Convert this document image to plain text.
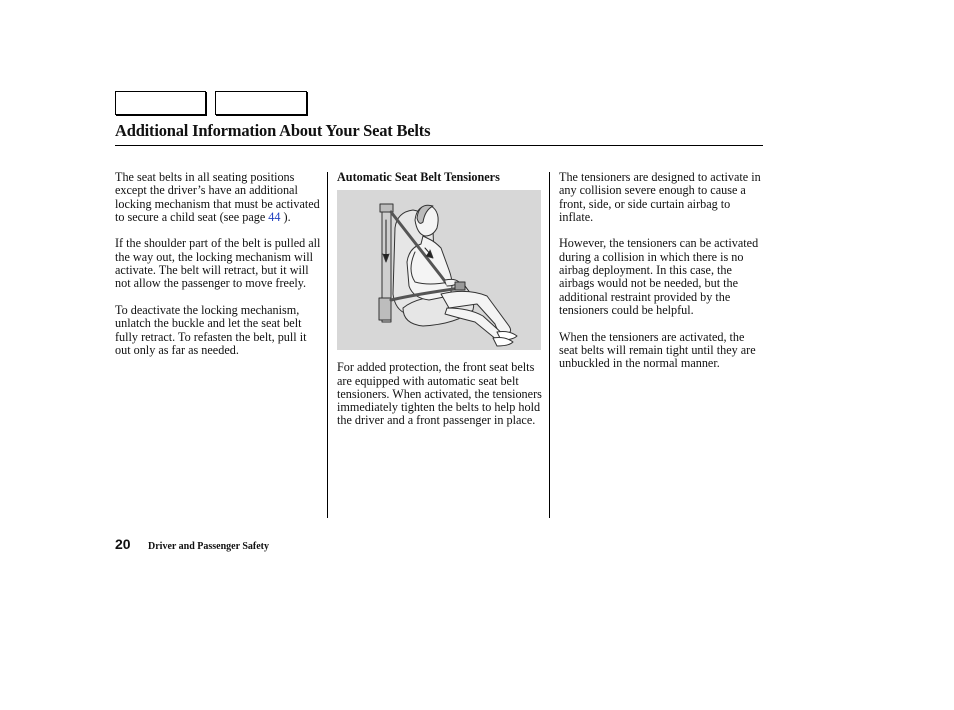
Additional Information About Your Seat Belts

The seat belts in all seating positions except the driver’s have an additional locking mechanism that must be activated to secure a child seat (see page 44 ).

If the shoulder part of the belt is pulled all the way out, the locking mechanism will activate. The belt will retract, but it will not allow the passenger to move freely.

To deactivate the locking mechanism, unlatch the buckle and let the seat belt fully retract. To refasten the belt, pull it out only as far as needed.

Automatic Seat Belt Tensioners

For added protection, the front seat belts are equipped with automatic seat belt tensioners. When activated, the tensioners immediately tighten the belts to help hold the driver and a front passenger in place.

The tensioners are designed to activate in any collision severe enough to cause a front, side, or side curtain airbag to inflate.

However, the tensioners can be activated during a collision in which there is no airbag deployment. In this case, the airbags would not be needed, but the additional restraint provided by the tensioners could be helpful.

When the tensioners are activated, the seat belts will remain tight until they are unbuckled in the normal manner.

20 Driver and Passenger Safety
